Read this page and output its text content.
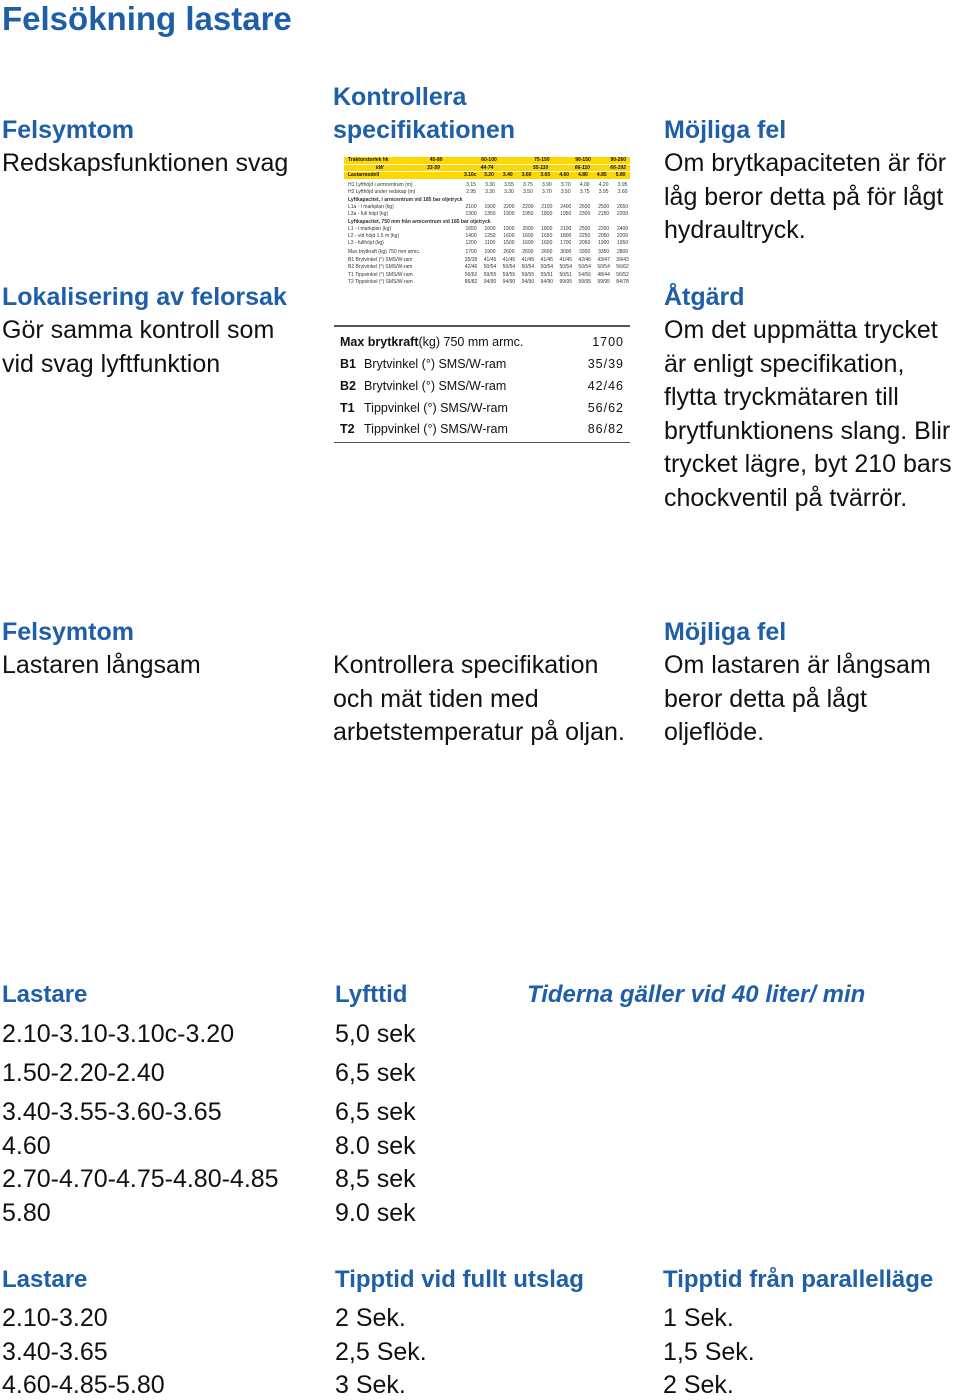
Felsökning lastare
Felsymtom
Redskapsfunktionen svag
Lokalisering av felorsak
Gör samma kontroll som vid svag lyftfunktion
Kontrollera
specifikationen	Möjliga fel
Om brytkapaciteten är för låg beror detta på för lågt hydraultryck.
Åtgärd
Om det uppmätta trycket är enligt specifikation, flytta tryckmätaren till brytfunktionens slang. Blir trycket lägre, byt 210 bars chockventil på tvärrör.
Traktorstorlek hk	45-80	60-100	75-150	90-150	90-260
kW	33-59	44-74	55-110	66-110	66-192
Lastarmodell	3.10c	3.20	3.40	3.60	3.65	4.60	4.80	4.85	5.80
H1 Lyfthöjd i armcentrum (m)	3.15	3.30	3.55	3.75	3.90	3.70	4.00	4.20	3.95
H2 Lyfthöjd under redskap (m)	2.95	3.30	3.30	3.50	3.70	3.50	3.75	3.95	3.60
Lyftkapacitet, i armcentrum vid 185 bar oljetryck
L1a - i markplan (kg)	2100	1900	2200	2200	2100	2400	2600	2500	2650
L3a - full höjd (kg)	1300	1350	1900	1950	1800	1950	2300	2150	2200
Lyftkapacitet, 750 mm från armcentrum vid 185 bar oljetryck
L1 - i markplan (kg)	1650	1600	1900	2000	1800	2100	2500	2200	2400
L2 - vid höjd 1.5 m (kg)	1400	1250	1600	1600	1650	1800	2250	2050	2200
L3 - fullhöjd (kg)	1200	1100	1500	1600	1600	1700	2050	1900	1950
Max brytkraft (kg) 750 mm armc.	1700	1900	2600	2600	2600	3000	3300	3350	2800
B1 Brytvinkel (°) SMS/W-ram	35/39	41/45	41/45	41/45	41/45	41/45	42/46	43/47	39/43
B2 Brytvinkel (°) SMS/W-ram	42/46	50/54	50/54	50/54	50/54	50/54	50/54	50/54	56/62
T1 Tippvinkel (°) SMS/W-ram	56/62	59/55	59/55	59/55	55/51	50/51	54/56	48/44	56/52
T2 Tippvinkel (°) SMS/W-ram	86/82	94/90	94/90	94/90	94/90	99/95	99/95	99/95	84/78
Max brytkraft (kg) 750 mm armc.	1700
B1 Brytvinkel (°) SMS/W-ram	35/39
B2 Brytvinkel (°) SMS/W-ram	42/46
T1 Tippvinkel (°) SMS/W-ram	56/62
T2 Tippvinkel (°) SMS/W-ram	86/82
Felsymtom
Lastaren långsam	Kontrollera specifikation och mät tiden med arbetstemperatur på oljan.
Möjliga fel
Om lastaren är långsam beror detta på lågt oljeflöde.
Lastare	Lyfttid	Tiderna gäller vid 40 liter/ min
2.10-3.10-3.10c-3.20	5,0 sek
1.50-2.20-2.40	6,5 sek
3.40-3.55-3.60-3.65	6,5 sek
4.60	8.0 sek
2.70-4.70-4.75-4.80-4.85 8,5 sek
5.80	9.0 sek
Lastare	Tipptid vid fullt utslag	Tipptid från parallelläge
2.10-3.20	2 Sek.	1 Sek.
3.40-3.65	2,5 Sek.	1,5 Sek.
4.60-4.85-5.80	3 Sek.	2 Sek.
